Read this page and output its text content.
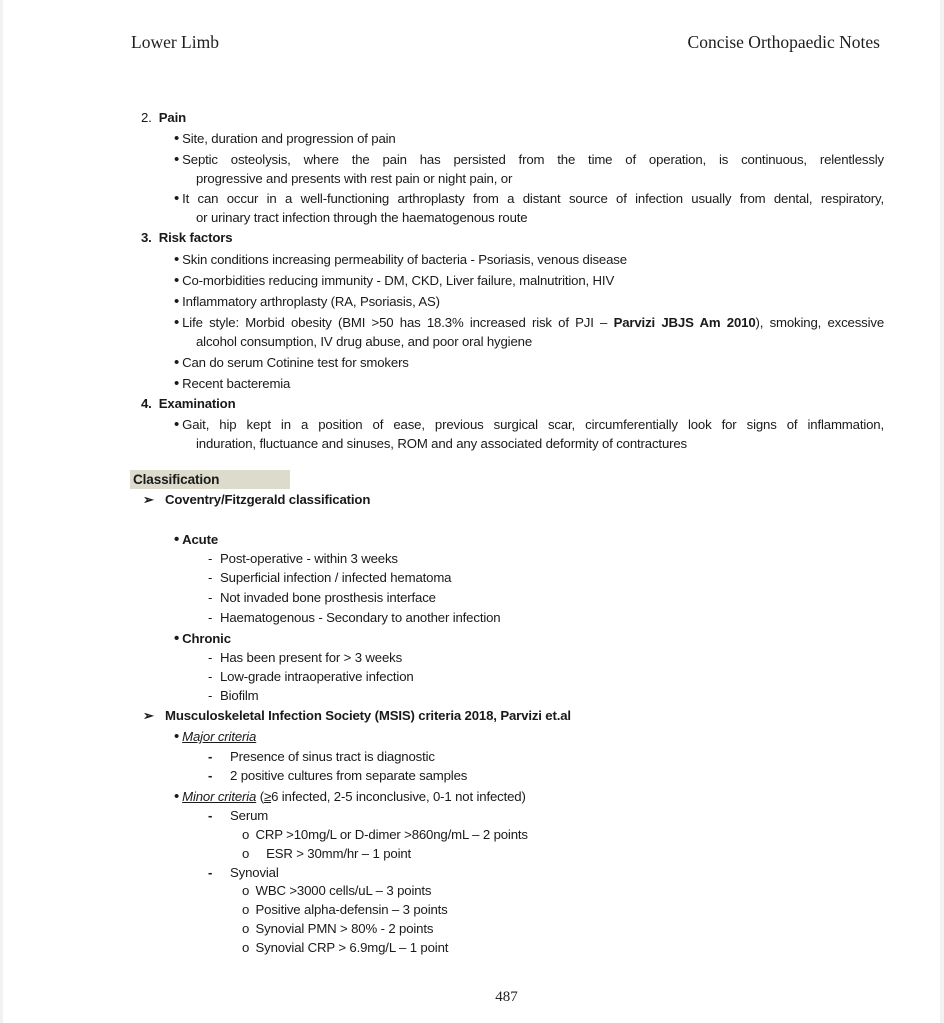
Lower Limb	Concise Orthopaedic Notes
2. Pain
• Site, duration and progression of pain
• Septic osteolysis, where the pain has persisted from the time of operation, is continuous, relentlessly
progressive and presents with rest pain or night pain, or
• It can occur in a well-functioning arthroplasty from a distant source of infection usually from dental, respiratory,
or urinary tract infection through the haematogenous route
3. Risk factors
• Skin conditions increasing permeability of bacteria - Psoriasis, venous disease
• Co-morbidities reducing immunity - DM, CKD, Liver failure, malnutrition, HIV
• Inflammatory arthroplasty (RA, Psoriasis, AS)
• Life style: Morbid obesity (BMI >50 has 18.3% increased risk of PJI – Parvizi JBJS Am 2010), smoking, excessive
alcohol consumption, IV drug abuse, and poor oral hygiene
• Can do serum Cotinine test for smokers
• Recent bacteremia
4. Examination
• Gait, hip kept in a position of ease, previous surgical scar, circumferentially look for signs of inflammation,
induration, fluctuance and sinuses, ROM and any associated deformity of contractures
Classification
➢ Coventry/Fitzgerald classification
• Acute
- Post-operative - within 3 weeks
- Superficial infection / infected hematoma
- Not invaded bone prosthesis interface
- Haematogenous - Secondary to another infection
• Chronic
- Has been present for > 3 weeks
- Low-grade intraoperative infection
- Biofilm
➢ Musculoskeletal Infection Society (MSIS) criteria 2018, Parvizi et.al
• Major criteria
- Presence of sinus tract is diagnostic
- 2 positive cultures from separate samples
• Minor criteria (≥6 infected, 2-5 inconclusive, 0-1 not infected)
- Serum
o CRP >10mg/L or D-dimer >860ng/mL – 2 points
o ESR > 30mm/hr – 1 point
- Synovial
o WBC >3000 cells/uL – 3 points
o Positive alpha-defensin – 3 points
o Synovial PMN > 80% - 2 points
o Synovial CRP > 6.9mg/L – 1 point
487
